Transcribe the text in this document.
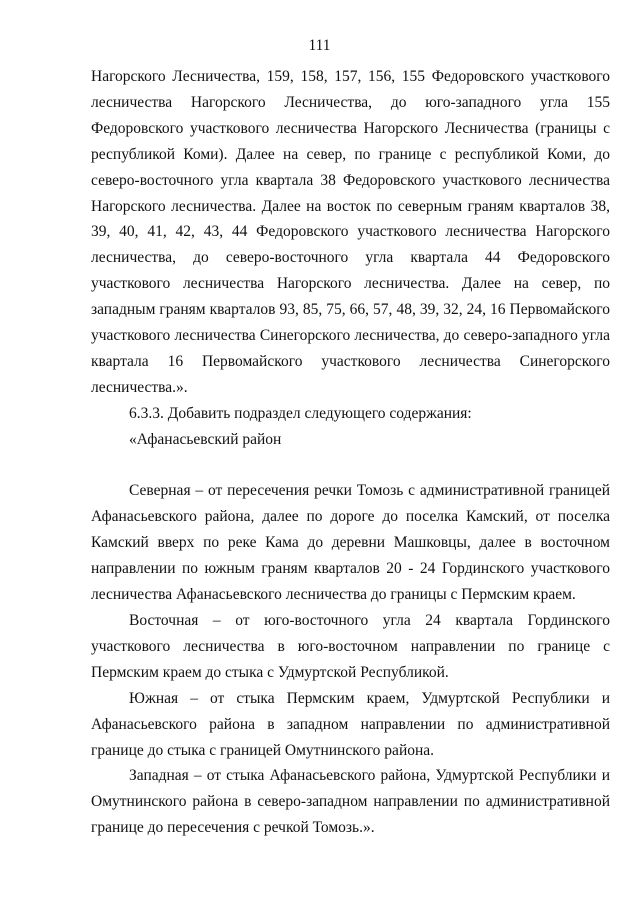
111

Нагорского Лесничества, 159, 158, 157, 156, 155 Федоровского участкового лесничества Нагорского Лесничества, до юго-западного угла 155 Федоровского участкового лесничества Нагорского Лесничества (границы с республикой Коми). Далее на север, по границе с республикой Коми, до северо-восточного угла квартала 38 Федоровского участкового лесничества Нагорского лесничества. Далее на восток по северным граням кварталов 38, 39, 40, 41, 42, 43, 44 Федоровского участкового лесничества Нагорского лесничества, до северо-восточного угла квартала 44 Федоровского участкового лесничества Нагорского лесничества. Далее на север, по западным граням кварталов 93, 85, 75, 66, 57, 48, 39, 32, 24, 16 Первомайского участкового лесничества Синегорского лесничества, до северо-западного угла квартала 16 Первомайского участкового лесничества Синегорского лесничества.».

6.3.3. Добавить подраздел следующего содержания:

«Афанасьевский район

Северная – от пересечения речки Томозь с административной границей Афанасьевского района, далее по дороге до поселка Камский, от поселка Камский вверх по реке Кама до деревни Машковцы, далее в восточном направлении по южным граням кварталов 20 - 24 Гординского участкового лесничества Афанасьевского лесничества до границы с Пермским краем.

Восточная – от юго-восточного угла 24 квартала Гординского участкового лесничества в юго-восточном направлении по границе с Пермским краем до стыка с Удмуртской Республикой.

Южная – от стыка Пермским краем, Удмуртской Республики и Афанасьевского района в западном направлении по административной границе до стыка с границей Омутнинского района.

Западная – от стыка Афанасьевского района, Удмуртской Республики и Омутнинского района в северо-западном направлении по административной границе до пересечения с речкой Томозь.».
